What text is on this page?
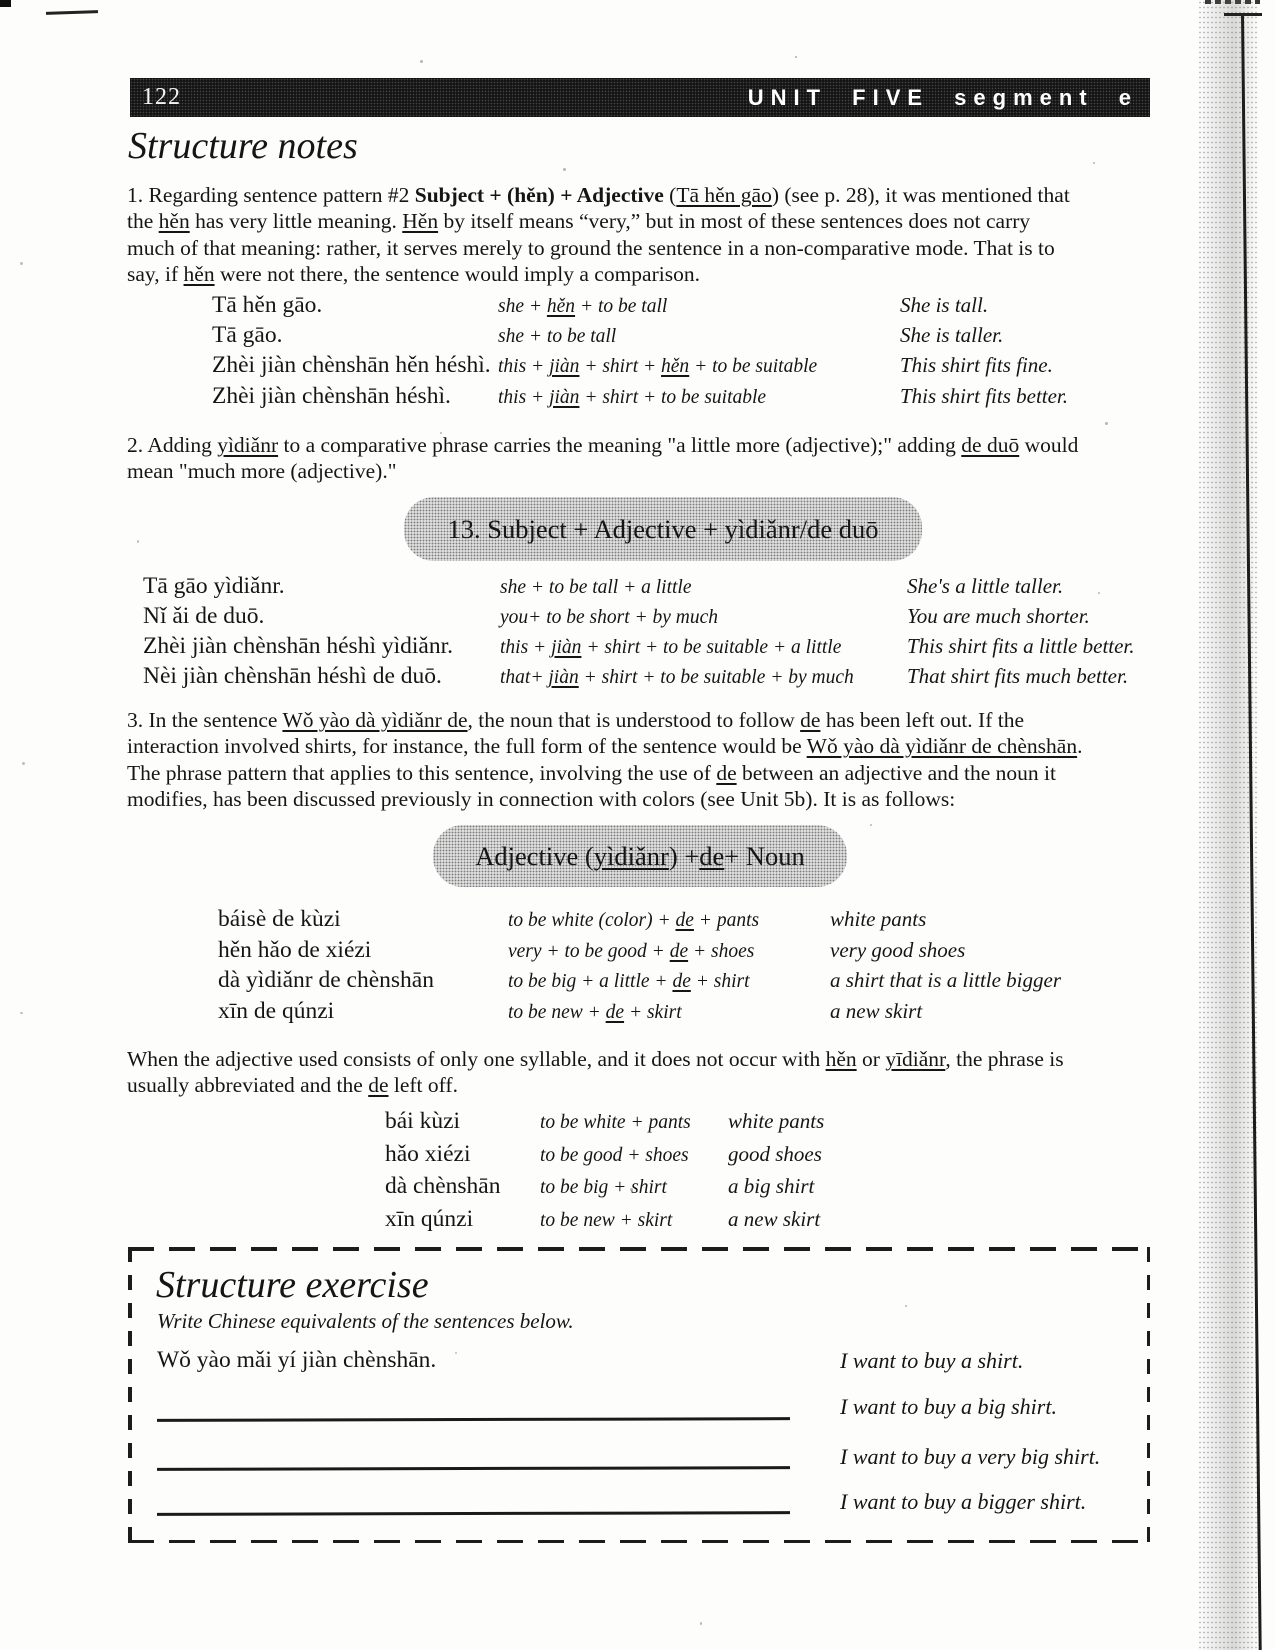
122	UNIT FIVE segment e
Structure notes
1. Regarding sentence pattern #2 Subject + (hěn) + Adjective (Tā hěn gāo) (see p. 28), it was mentioned that
the hěn has very little meaning. Hěn by itself means “very,” but in most of these sentences does not carry
much of that meaning: rather, it serves merely to ground the sentence in a non-comparative mode. That is to
say, if hěn were not there, the sentence would imply a comparison.
Tā hěn gāo.	she + hěn + to be tall	She is tall.
Tā gāo.	she + to be tall	She is taller.
Zhèi jiàn chènshān hěn héshì. this + jiàn + shirt + hěn + to be suitable	This shirt fits fine.
Zhèi jiàn chènshān héshì.	this + jiàn + shirt + to be suitable	This shirt fits better.
2. Adding yìdiǎnr to a comparative phrase carries the meaning "a little more (adjective);" adding de duō would
mean "much more (adjective)."
13. Subject + Adjective + yìdiǎnr/de duō
Tā gāo yìdiǎnr.	she + to be tall + a little	She's a little taller.
Nǐ ǎi de duō.	you+ to be short + by much	You are much shorter.
Zhèi jiàn chènshān héshì yìdiǎnr.	this + jiàn + shirt + to be suitable + a little	This shirt fits a little better.
Nèi jiàn chènshān héshì de duō.	that+ jiàn + shirt + to be suitable + by much	That shirt fits much better.
3. In the sentence Wǒ yào dà yìdiǎnr de, the noun that is understood to follow de has been left out. If the
interaction involved shirts, for instance, the full form of the sentence would be Wǒ yào dà yìdiǎnr de chènshān.
The phrase pattern that applies to this sentence, involving the use of de between an adjective and the noun it
modifies, has been discussed previously in connection with colors (see Unit 5b). It is as follows:
Adjective ( yìdiǎnr ) + de + Noun
báisè de kùzi	to be white (color) + de + pants	white pants
hěn hǎo de xiézi	very + to be good + de + shoes	very good shoes
dà yìdiǎnr de chènshān	to be big + a little + de + shirt	a shirt that is a little bigger
xīn de qúnzi	to be new + de + skirt	a new skirt
When the adjective used consists of only one syllable, and it does not occur with hěn or yīdiǎnr, the phrase is
usually abbreviated and the de left off.
bái kùzi	to be white + pants	white pants
hǎo xiézi	to be good + shoes	good shoes
dà chènshān	to be big + shirt	a big shirt
xīn qúnzi	to be new + skirt	a new skirt
Structure exercise
Write Chinese equivalents of the sentences below.
Wǒ yào mǎi yí jiàn chènshān.	I want to buy a shirt.
I want to buy a big shirt.
I want to buy a very big shirt.
I want to buy a bigger shirt.
